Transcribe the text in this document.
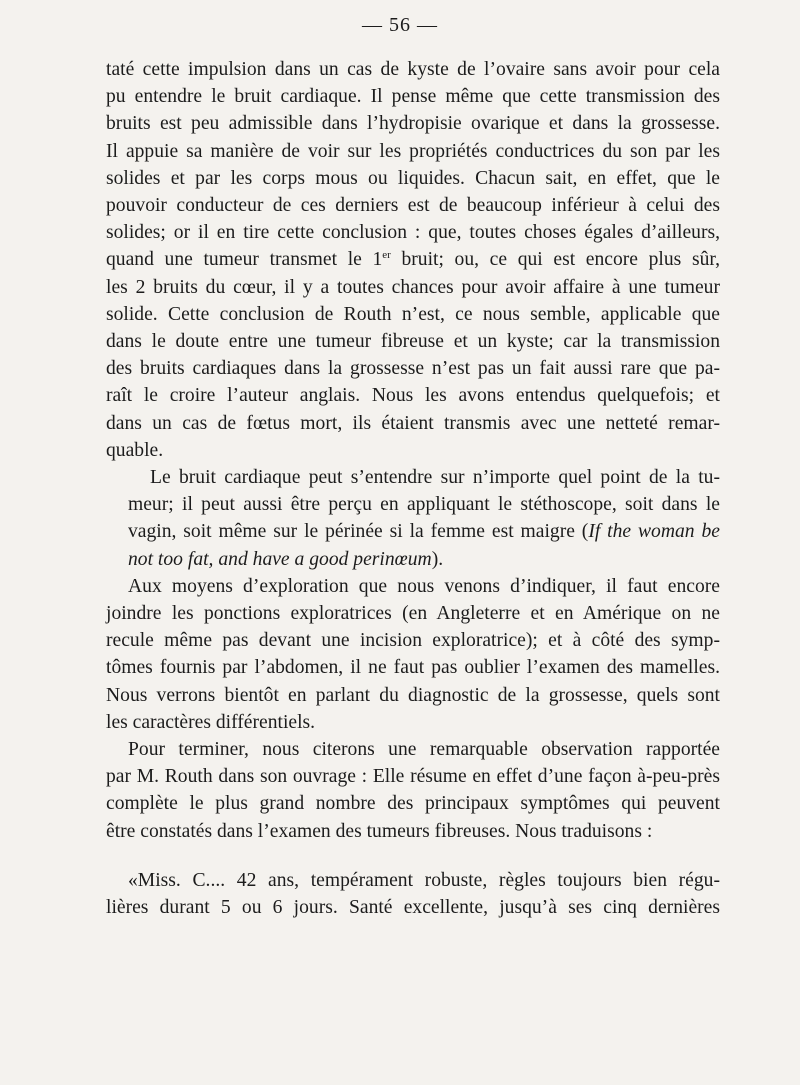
— 56 —

taté cette impulsion dans un cas de kyste de l’ovaire sans avoir pour cela
pu entendre le bruit cardiaque. Il pense même que cette transmission des
bruits est peu admissible dans l’hydropisie ovarique et dans la grossesse.
Il appuie sa manière de voir sur les propriétés conductrices du son par les
solides et par les corps mous ou liquides. Chacun sait, en effet, que le
pouvoir conducteur de ces derniers est de beaucoup inférieur à celui des
solides; or il en tire cette conclusion : que, toutes choses égales d’ailleurs,
quand une tumeur transmet le 1er bruit; ou, ce qui est encore plus sûr,
les 2 bruits du cœur, il y a toutes chances pour avoir affaire à une tumeur
solide. Cette conclusion de Routh n’est, ce nous semble, applicable que
dans le doute entre une tumeur fibreuse et un kyste; car la transmission
des bruits cardiaques dans la grossesse n’est pas un fait aussi rare que pa-
raît le croire l’auteur anglais. Nous les avons entendus quelquefois; et
dans un cas de fœtus mort, ils étaient transmis avec une netteté remar-
quable.

Le bruit cardiaque peut s’entendre sur n’importe quel point de la tu-
meur; il peut aussi être perçu en appliquant le stéthoscope, soit dans le
vagin, soit même sur le périnée si la femme est maigre (If the woman be
not too fat, and have a good perinœum).

Aux moyens d’exploration que nous venons d’indiquer, il faut encore
joindre les ponctions exploratrices (en Angleterre et en Amérique on ne
recule même pas devant une incision exploratrice); et à côté des symp-
tômes fournis par l’abdomen, il ne faut pas oublier l’examen des mamelles.
Nous verrons bientôt en parlant du diagnostic de la grossesse, quels sont
les caractères différentiels.

Pour terminer, nous citerons une remarquable observation rapportée
par M. Routh dans son ouvrage : Elle résume en effet d’une façon à-peu-près
complète le plus grand nombre des principaux symptômes qui peuvent
être constatés dans l’examen des tumeurs fibreuses. Nous traduisons :

«Miss. C.... 42 ans, tempérament robuste, règles toujours bien régu-
lières durant 5 ou 6 jours. Santé excellente, jusqu’à ses cinq dernières
